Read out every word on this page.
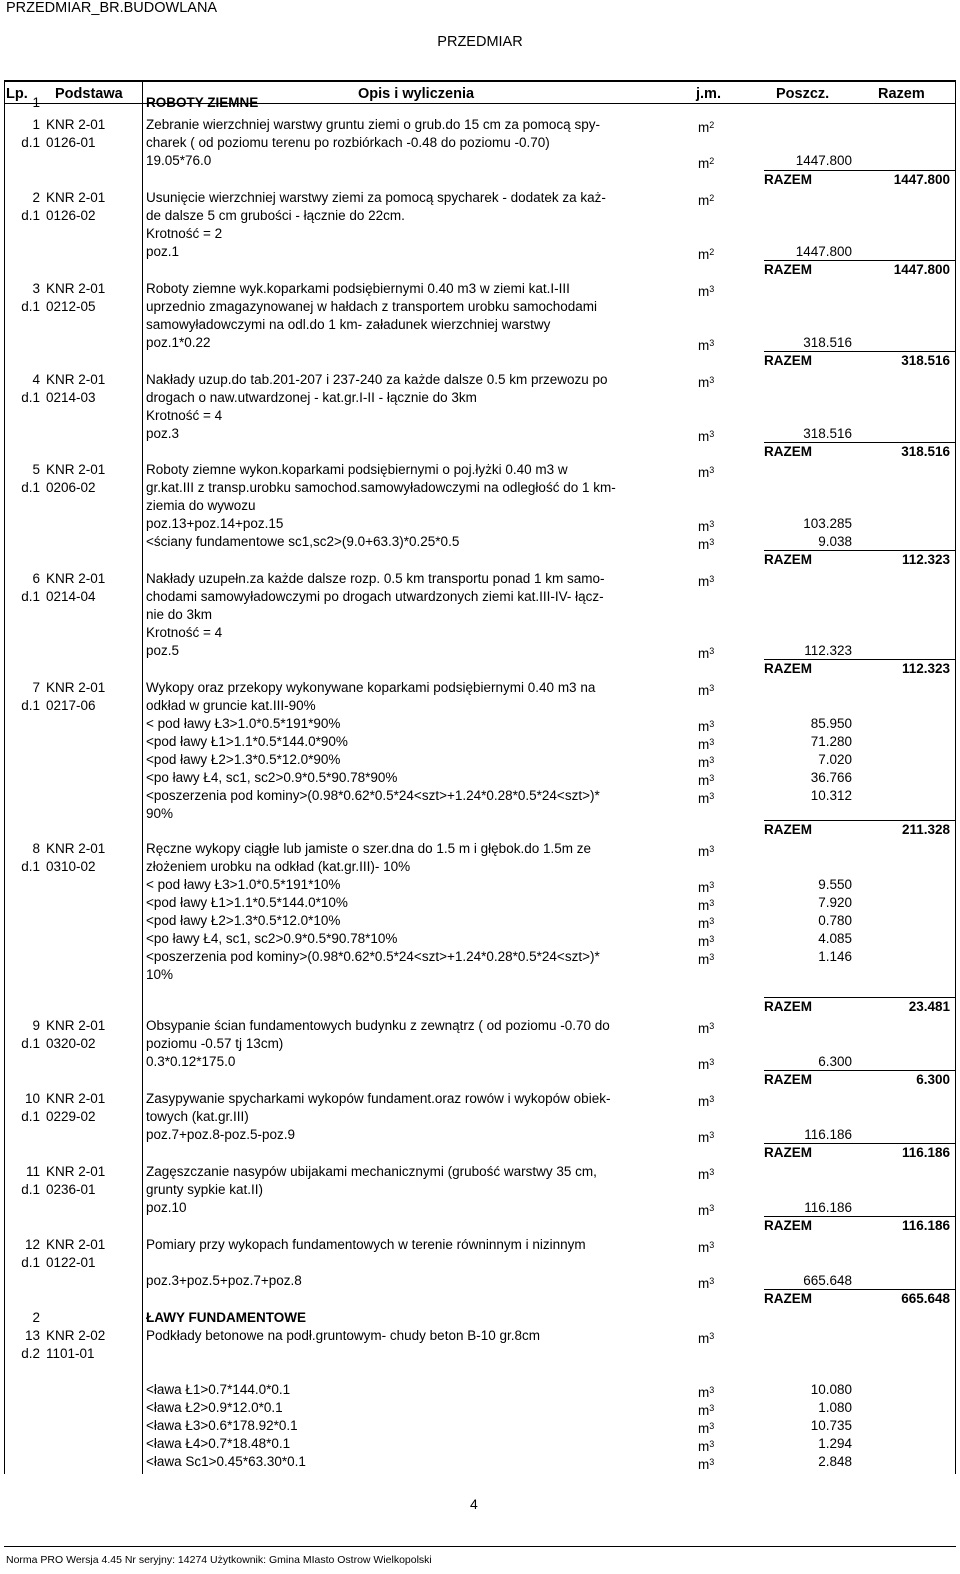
PRZEDMIAR_BR.BUDOWLANA
PRZEDMIAR
Lp. Podstawa	Opis i wyliczenia	j.m.	Poszcz.	Razem
1	ROBOTY ZIEMNE
1 KNR 2-01	Zebranie wierzchniej warstwy gruntu ziemi o grub.do 15 cm za pomocą spy-	$m^2$
d.1 0126-01	charek ( od poziomu terenu po rozbiórkach -0.48 do poziomu -0.70)
19.05*76.0	$m^2$	1447.800
RAZEM	1447.800
2 KNR 2-01	Usunięcie wierzchniej warstwy ziemi za pomocą spycharek - dodatek za każ-	$m^2$
d.1 0126-02	de dalsze 5 cm grubości - łącznie do 22cm.
Krotność = 2
poz.1	$m^2$	1447.800
RAZEM	1447.800
3 KNR 2-01	Roboty ziemne wyk.koparkami podsiębiernymi 0.40 m3 w ziemi kat.I-III	$m^3$
d.1 0212-05	uprzednio zmagazynowanej w hałdach z transportem urobku samochodami
samowyładowczymi na odl.do 1 km- załadunek wierzchniej warstwy
poz.1*0.22	$m^3$	318.516
RAZEM	318.516
4 KNR 2-01	Nakłady uzup.do tab.201-207 i 237-240 za każde dalsze 0.5 km przewozu po	$m^3$
d.1 0214-03	drogach o naw.utwardzonej - kat.gr.I-II - łącznie do 3km
Krotność = 4
poz.3	$m^3$	318.516
RAZEM	318.516
5 KNR 2-01	Roboty ziemne wykon.koparkami podsiębiernymi o poj.łyżki 0.40 m3 w	$m^3$
d.1 0206-02	gr.kat.III z transp.urobku samochod.samowyładowczymi na odległość do 1 km-
ziemia do wywozu
poz.13+poz.14+poz.15	$m^3$	103.285
<ściany fundamentowe sc1,sc2>(9.0+63.3)*0.25*0.5	$m^3$	9.038
RAZEM	112.323
6 KNR 2-01	Nakłady uzupełn.za każde dalsze rozp. 0.5 km transportu ponad 1 km samo-	$m^3$
d.1 0214-04	chodami samowyładowczymi po drogach utwardzonych ziemi kat.III-IV- łącz-
nie do 3km
Krotność = 4
poz.5	$m^3$	112.323
RAZEM	112.323
7 KNR 2-01	Wykopy oraz przekopy wykonywane koparkami podsiębiernymi 0.40 m3 na	$m^3$
d.1 0217-06	odkład w gruncie kat.III-90%
< pod ławy Ł3>1.0*0.5*191*90%	$m^3$	85.950
<pod ławy Ł1>1.1*0.5*144.0*90%	$m^3$	71.280
<pod ławy Ł2>1.3*0.5*12.0*90%	$m^3$	7.020
<po ławy Ł4, sc1, sc2>0.9*0.5*90.78*90%	$m^3$	36.766
<poszerzenia pod kominy>(0.98*0.62*0.5*24<szt>+1.24*0.28*0.5*24<szt>)*	$m^3$	10.312
90%
RAZEM	211.328
8 KNR 2-01	Ręczne wykopy ciągłe lub jamiste o szer.dna do 1.5 m i głębok.do 1.5m ze	$m^3$
d.1 0310-02	złożeniem urobku na odkład (kat.gr.III)- 10%
< pod ławy Ł3>1.0*0.5*191*10%	$m^3$	9.550
<pod ławy Ł1>1.1*0.5*144.0*10%	$m^3$	7.920
<pod ławy Ł2>1.3*0.5*12.0*10%	$m^3$	0.780
<po ławy Ł4, sc1, sc2>0.9*0.5*90.78*10%	$m^3$	4.085
<poszerzenia pod kominy>(0.98*0.62*0.5*24<szt>+1.24*0.28*0.5*24<szt>)*	$m^3$	1.146
10%
RAZEM	23.481
9 KNR 2-01	Obsypanie ścian fundamentowych budynku z zewnątrz ( od poziomu -0.70 do	$m^3$
d.1 0320-02	poziomu -0.57 tj 13cm)
0.3*0.12*175.0	$m^3$	6.300
RAZEM	6.300
10 KNR 2-01	Zasypywanie spycharkami wykopów fundament.oraz rowów i wykopów obiek-	$m^3$
d.1 0229-02	towych (kat.gr.III)
poz.7+poz.8-poz.5-poz.9	$m^3$	116.186
RAZEM	116.186
11 KNR 2-01	Zagęszczanie nasypów ubijakami mechanicznymi (grubość warstwy 35 cm,	$m^3$
d.1 0236-01	grunty sypkie kat.II)
poz.10	$m^3$	116.186
RAZEM	116.186
12 KNR 2-01	Pomiary przy wykopach fundamentowych w terenie równinnym i nizinnym	$m^3$
d.1 0122-01
poz.3+poz.5+poz.7+poz.8	$m^3$	665.648
RAZEM	665.648
2	ŁAWY FUNDAMENTOWE
13 KNR 2-02	Podkłady betonowe na podł.gruntowym- chudy beton B-10 gr.8cm	$m^3$
d.2 1101-01
<ława Ł1>0.7*144.0*0.1	$m^3$	10.080
<ława Ł2>0.9*12.0*0.1	$m^3$	1.080
<ława Ł3>0.6*178.92*0.1	$m^3$	10.735
<ława Ł4>0.7*18.48*0.1	$m^3$	1.294
<ława Sc1>0.45*63.30*0.1	$m^3$	2.848
4
Norma PRO Wersja 4.45 Nr seryjny: 14274 Użytkownik: Gmina MIasto Ostrow Wielkopolski
